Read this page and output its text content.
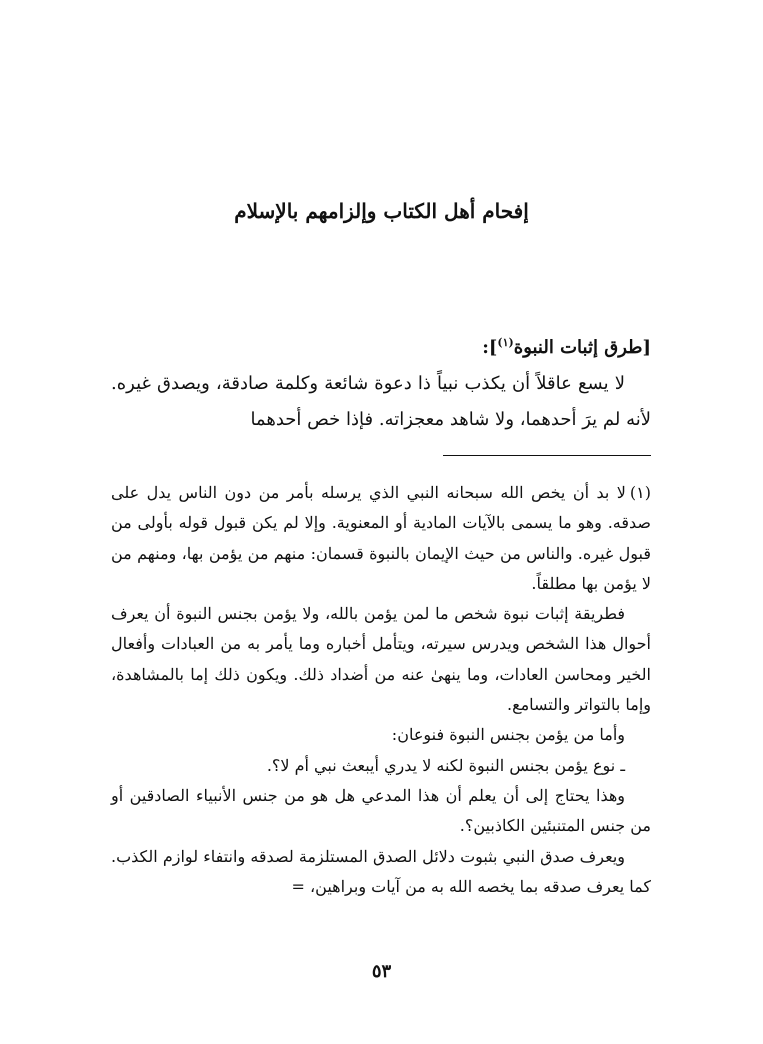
إفحام أهل الكتاب وإلزامهم بالإسلام

[طرق إثبات النبوة$^{(١)}$]:

لا يسع عاقلاً أن يكذب نبياً ذا دعوة شائعة وكلمة صادقة، ويصدق غيره. لأنه لم يرَ أحدهما، ولا شاهد معجزاته. فإذا خص أحدهما

(١)لا بد أن يخص الله سبحانه النبي الذي يرسله بأمر من دون الناس يدل على صدقه. وهو ما يسمى بالآيات المادية أو المعنوية. وإلا لم يكن قبول قوله بأولى من قبول غيره. والناس من حيث الإيمان بالنبوة قسمان: منهم من يؤمن بها، ومنهم من لا يؤمن بها مطلقاً.

فطريقة إثبات نبوة شخص ما لمن يؤمن بالله، ولا يؤمن بجنس النبوة أن يعرف أحوال هذا الشخص ويدرس سيرته، ويتأمل أخباره وما يأمر به من العبادات وأفعال الخير ومحاسن العادات، وما ينهىٰ عنه من أضداد ذلك. ويكون ذلك إما بالمشاهدة، وإما بالتواتر والتسامع.

وأما من يؤمن بجنس النبوة فنوعان:

ـ نوع يؤمن بجنس النبوة لكنه لا يدري أيبعث نبي أم لا؟.

وهذا يحتاج إلى أن يعلم أن هذا المدعي هل هو من جنس الأنبياء الصادقين أو من جنس المتنبئين الكاذبين؟.

ويعرف صدق النبي بثبوت دلائل الصدق المستلزمة لصدقه وانتفاء لوازم الكذب. كما يعرف صدقه بما يخصه الله به من آيات وبراهين، =

٥٣
